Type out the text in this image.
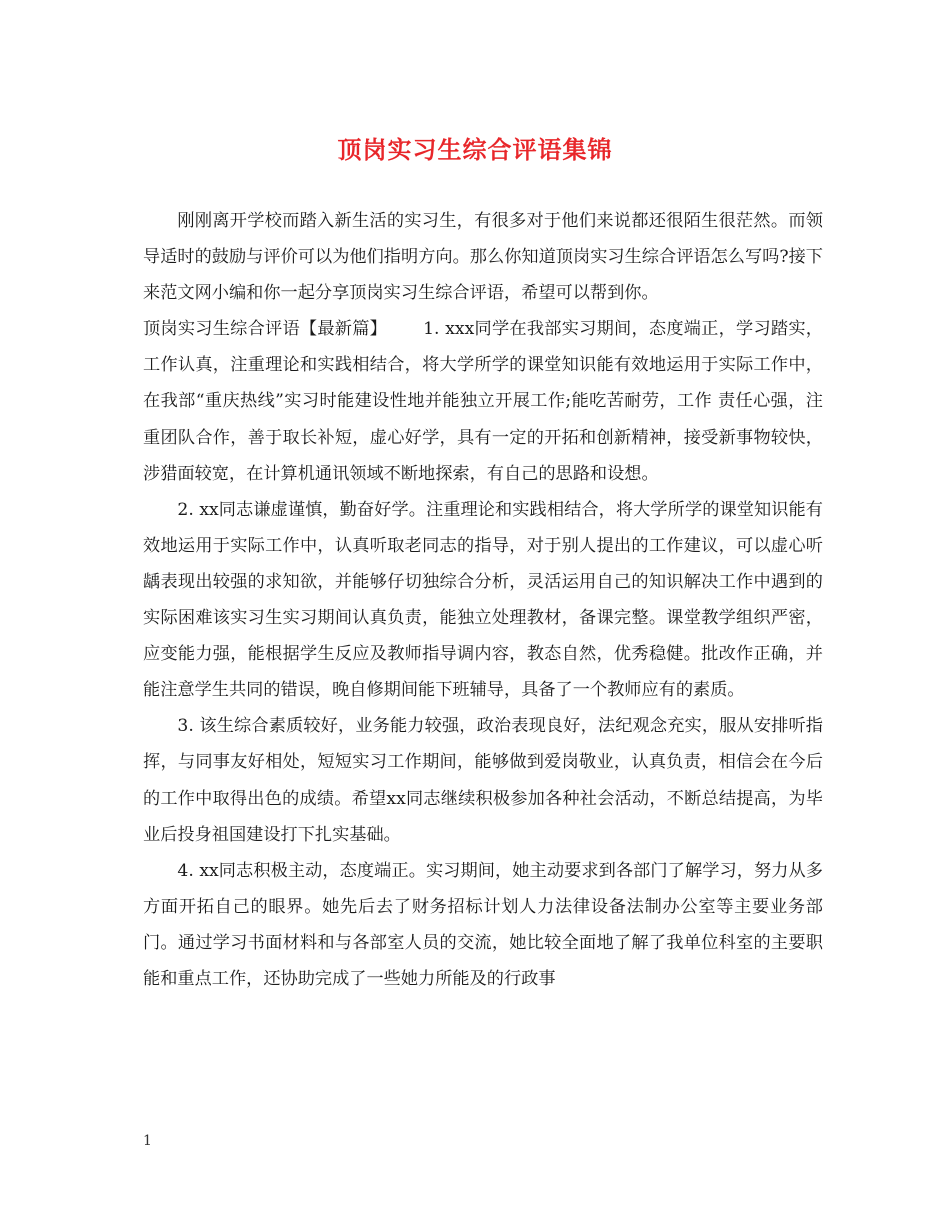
顶岗实习生综合评语集锦

刚刚离开学校而踏入新生活的实习生，有很多对于他们来说都还很陌生很茫然。而领导适时的鼓励与评价可以为他们指明方向。那么你知道顶岗实习生综合评语怎么写吗?接下来范文网小编和你一起分享顶岗实习生综合评语，希望可以帮到你。

顶岗实习生综合评语【最新篇】 1. xxx同学在我部实习期间，态度端正，学习踏实，工作认真，注重理论和实践相结合，将大学所学的课堂知识能有效地运用于实际工作中，在我部“重庆热线”实习时能建设性地并能独立开展工作;能吃苦耐劳，工作 责任心强，注重团队合作，善于取长补短，虚心好学，具有一定的开拓和创新精神，接受新事物较快，涉猎面较宽，在计算机通讯领域不断地探索，有自己的思路和设想。

2. xx同志谦虚谨慎，勤奋好学。注重理论和实践相结合，将大学所学的课堂知识能有效地运用于实际工作中，认真听取老同志的指导，对于别人提出的工作建议，可以虚心听龋表现出较强的求知欲，并能够仔切独综合分析，灵活运用自己的知识解决工作中遇到的实际困难该实习生实习期间认真负责，能独立处理教材，备课完整。课堂教学组织严密，应变能力强，能根据学生反应及教师指导调内容，教态自然，优秀稳健。批改作正确，并能注意学生共同的错误，晚自修期间能下班辅导，具备了一个教师应有的素质。

3. 该生综合素质较好，业务能力较强，政治表现良好，法纪观念充实，服从安排听指挥，与同事友好相处，短短实习工作期间，能够做到爱岗敬业，认真负责，相信会在今后的工作中取得出色的成绩。希望xx同志继续积极参加各种社会活动，不断总结提高，为毕业后投身祖国建设打下扎实基础。

4. xx同志积极主动，态度端正。实习期间，她主动要求到各部门了解学习，努力从多方面开拓自己的眼界。她先后去了财务招标计划人力法律设备法制办公室等主要业务部门。通过学习书面材料和与各部室人员的交流，她比较全面地了解了我单位科室的主要职能和重点工作，还协助完成了一些她力所能及的行政事

1
